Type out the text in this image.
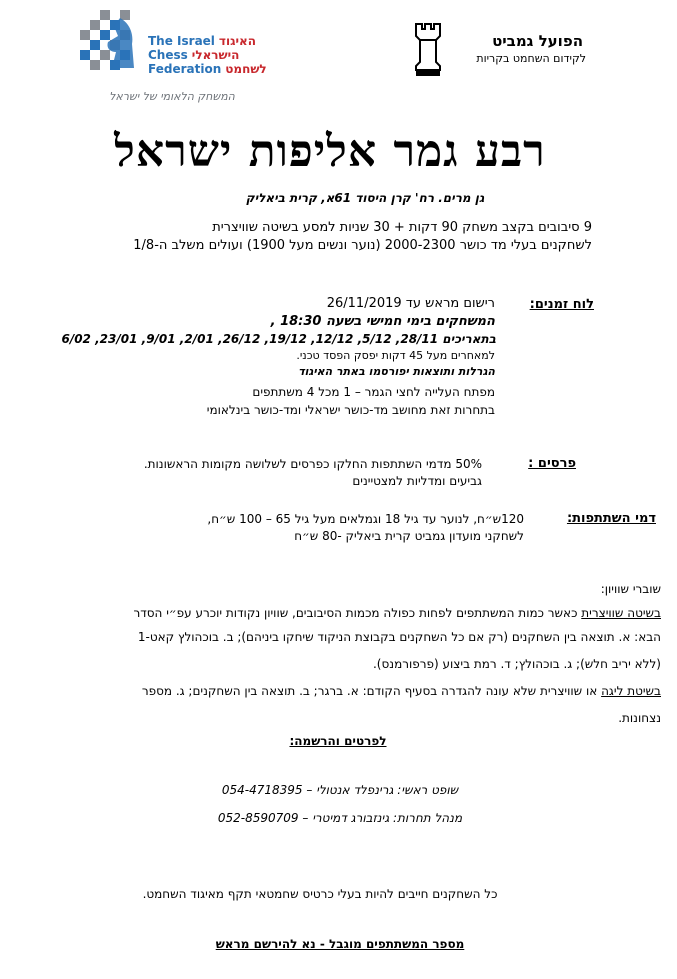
The Israel האיגוד
Chess הישראלי
Federation לשחמט
המשחק הלאומי של ישראל
הפועל גמביט
לקידום השחמט בקריות
רבע גמר אליפות ישראל
גן מרים. רח' קרן היסוד 61א, קרית ביאליק
9 סיבובים בקצב משחק 90 דקות + 30 שניות למסע בשיטה שוויצרית
לשחקנים בעלי מד כושר 2000-2300 (נוער ונשים מעל 1900) ועולים משלב ה-1/8
לוח זמנים:
רישום מראש עד 26/11/2019
המשחקים בימי חמישי בשעה 18:30 ,
בתאריכים 28/11, 5/12, 12/12, 19/12, 26/12, 2/01, 9/01, 23/01, 6/02
למאחרים מעל 45 דקות יפסק הפסד טכני.
הגרלות ותוצאות יפורסמו באתר האיגוד
מפתח העלייה לחצי הגמר – 1 מכל 4 משתתפים
בתחרות זאת מחושב מד-כושר ישראלי ומד-כושר בינלאומי
פרסים :
50% מדמי השתתפות החלקו כפרסים לשלושה מקומות הראשונות.
גביעים ומדליות למצטיינים
דמי השתתפות:
120ש״ח, לנוער עד גיל 18 וגמלאים מעל גיל 65 – 100 ש״ח,
לשחקני מועדון גמביט קרית ביאליק -80 ש״ח
שוברי שוויון:
בשיטה שוויצרית כאשר כמות המשתתפים לפחות כפולה מכמות הסיבובים, שוויון נקודות יוכרע עפ״י הסדר
הבא: א. תוצאה בין השחקנים (רק אם כל השחקנים בקבוצת הניקוד שיחקו ביניהם); ב. בוכהולץ קאט-1
(ללא יריב חלש); ג. בוכהולץ; ד. רמת ביצוע (פרפורמנס).
בשיטת ליגה או שוויצרית שלא עונה להגדרה בסעיף הקודם: א. ברגר; ב. תוצאה בין השחקנים; ג. מספר
נצחונות.
לפרטים והרשמה:
שופט ראשי: גרינפלד אנטולי – 054-4718395
מנהל תחרות: גינזבורג דמיטרי – 052-8590709
כל השחקנים חייבים להיות בעלי כרטיס שחמטאי תקף מאיגוד השחמט.
מספר המשתתפים מוגבל - נא להירשם מראש
